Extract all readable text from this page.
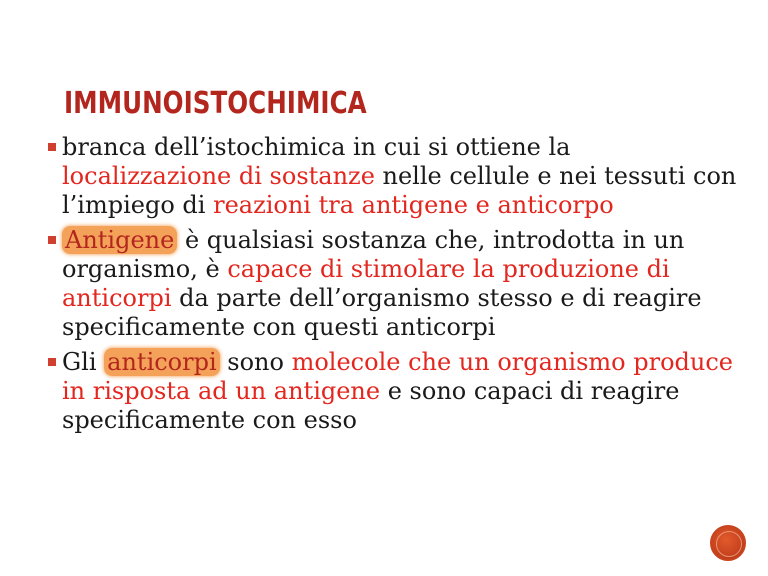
IMMUNOISTOCHIMICA
branca dell’istochimica in cui si ottiene la localizzazione di sostanze nelle cellule e nei tessuti con l’impiego di reazioni tra antigene e anticorpo
Antigene è qualsiasi sostanza che, introdotta in un organismo, è capace di stimolare la produzione di anticorpi da parte dell’organismo stesso e di reagire specificamente con questi anticorpi
Gli anticorpi sono molecole che un organismo produce in risposta ad un antigene e sono capaci di reagire specificamente con esso
